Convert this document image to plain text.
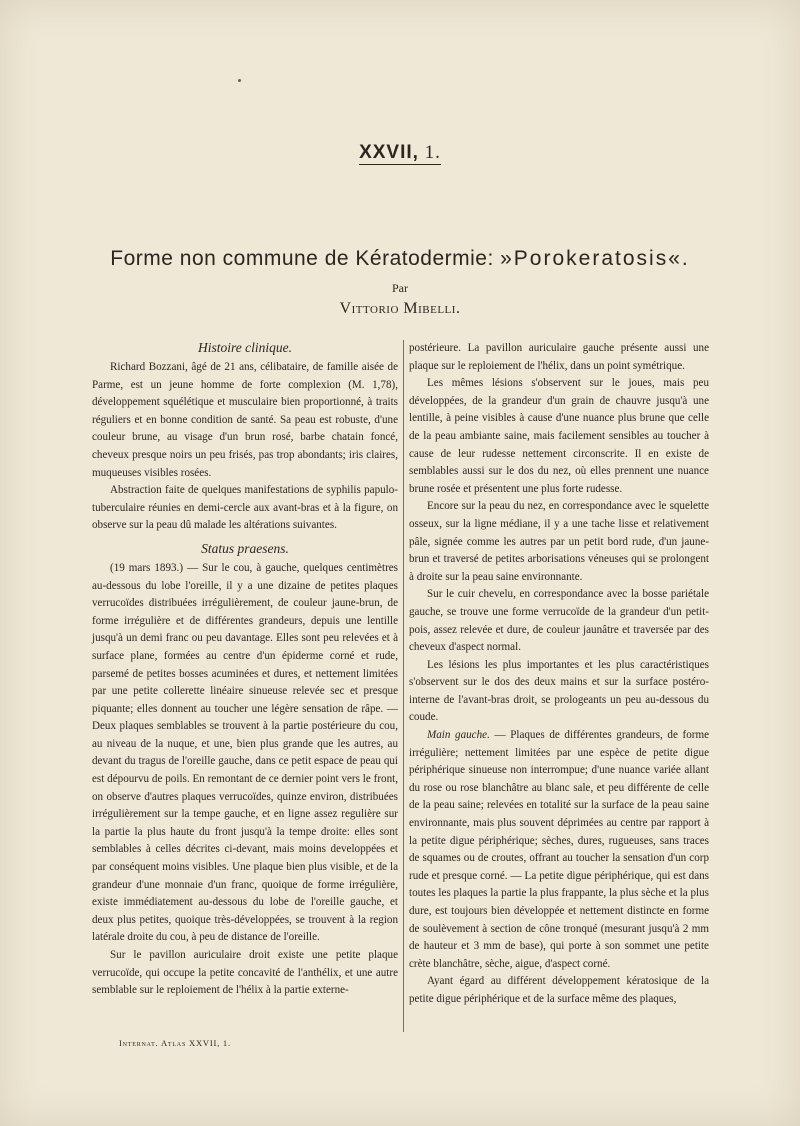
XXVII, 1.
Forme non commune de Kératodermie: »Porokeratosis«.
Par
Vittorio Mibelli.
Histoire clinique.

Richard Bozzani, âgé de 21 ans, célibataire, de famille aisée de Parme, est un jeune homme de forte complexion (M. 1,78), développement squélétique et musculaire bien proportionné, à traits réguliers et en bonne condition de santé. Sa peau est robuste, d'une couleur brune, au visage d'un brun rosé, barbe chatain foncé, cheveux presque noirs un peu frisés, pas trop abondants; iris claires, muqueuses visibles rosées.

Abstraction faite de quelques manifestations de syphilis papulo-tuberculaire réunies en demi-cercle aux avant-bras et à la figure, on observe sur la peau dû malade les altérations suivantes.

Status praesens.

(19 mars 1893.) — Sur le cou, à gauche, quelques centimètres au-dessous du lobe l'oreille, il y a une dizaine de petites plaques verrucoïdes distribuées irrégulièrement, de couleur jaune-brun, de forme irrégulière et de différentes grandeurs, depuis une lentille jusqu'à un demi franc ou peu davantage. Elles sont peu relevées et à surface plane, formées au centre d'un épiderme corné et rude, parsemé de petites bosses acuminées et dures, et nettement limitées par une petite collerette linéaire sinueuse relevée sec et presque piquante; elles donnent au toucher une légère sensation de râpe. — Deux plaques semblables se trouvent à la partie postérieure du cou, au niveau de la nuque, et une, bien plus grande que les autres, au devant du tragus de l'oreille gauche, dans ce petit espace de peau qui est dépourvu de poils. En remontant de ce dernier point vers le front, on observe d'autres plaques verrucoïdes, quinze environ, distribuées irrégulièrement sur la tempe gauche, et en ligne assez regulière sur la partie la plus haute du front jusqu'à la tempe droite: elles sont semblables à celles décrites ci-devant, mais moins developpées et par conséquent moins visibles. Une plaque bien plus visible, et de la grandeur d'une monnaie d'un franc, quoique de forme irrégulière, existe immédiatement au-dessous du lobe de l'oreille gauche, et deux plus petites, quoique très-développées, se trouvent à la region latérale droite du cou, à peu de distance de l'oreille.

Sur le pavillon auriculaire droit existe une petite plaque verrucoïde, qui occupe la petite concavité de l'anthélix, et une autre semblable sur le reploiement de l'hélix à la partie externe-

postérieure. La pavillon auriculaire gauche présente aussi une plaque sur le reploiement de l'hélix, dans un point symétrique.

Les mêmes lésions s'observent sur le joues, mais peu développées, de la grandeur d'un grain de chauvre jusqu'à une lentille, à peine visibles à cause d'une nuance plus brune que celle de la peau ambiante saine, mais facilement sensibles au toucher à cause de leur rudesse nettement circonscrite. Il en existe de semblables aussi sur le dos du nez, où elles prennent une nuance brune rosée et présentent une plus forte rudesse.

Encore sur la peau du nez, en correspondance avec le squelette osseux, sur la ligne médiane, il y a une tache lisse et relativement pâle, signée comme les autres par un petit bord rude, d'un jaune-brun et traversé de petites arborisations véneuses qui se prolongent à droite sur la peau saine environnante.

Sur le cuir chevelu, en correspondance avec la bosse pariétale gauche, se trouve une forme verrucoïde de la grandeur d'un petit-pois, assez relevée et dure, de couleur jaunâtre et traversée par des cheveux d'aspect normal.

Les lésions les plus importantes et les plus caractéristiques s'observent sur le dos des deux mains et sur la surface postéro-interne de l'avant-bras droit, se prologeants un peu au-dessous du coude.

Main gauche. — Plaques de différentes grandeurs, de forme irrégulière; nettement limitées par une espèce de petite digue périphérique sinueuse non interrompue; d'une nuance variée allant du rose ou rose blanchâtre au blanc sale, et peu différente de celle de la peau saine; relevées en totalité sur la surface de la peau saine environnante, mais plus souvent déprimées au centre par rapport à la petite digue périphérique; sèches, dures, rugueuses, sans traces de squames ou de croutes, offrant au toucher la sensation d'un corp rude et presque corné. — La petite digue périphérique, qui est dans toutes les plaques la partie la plus frappante, la plus sèche et la plus dure, est toujours bien développée et nettement distincte en forme de soulèvement à section de cône tronqué (mesurant jusqu'à 2 mm de hauteur et 3 mm de base), qui porte à son sommet une petite crète blanchâtre, sèche, aigue, d'aspect corné.

Ayant égard au différent développement kératosique de la petite digue périphérique et de la surface même des plaques,

Internat. Atlas XXVII, 1.
